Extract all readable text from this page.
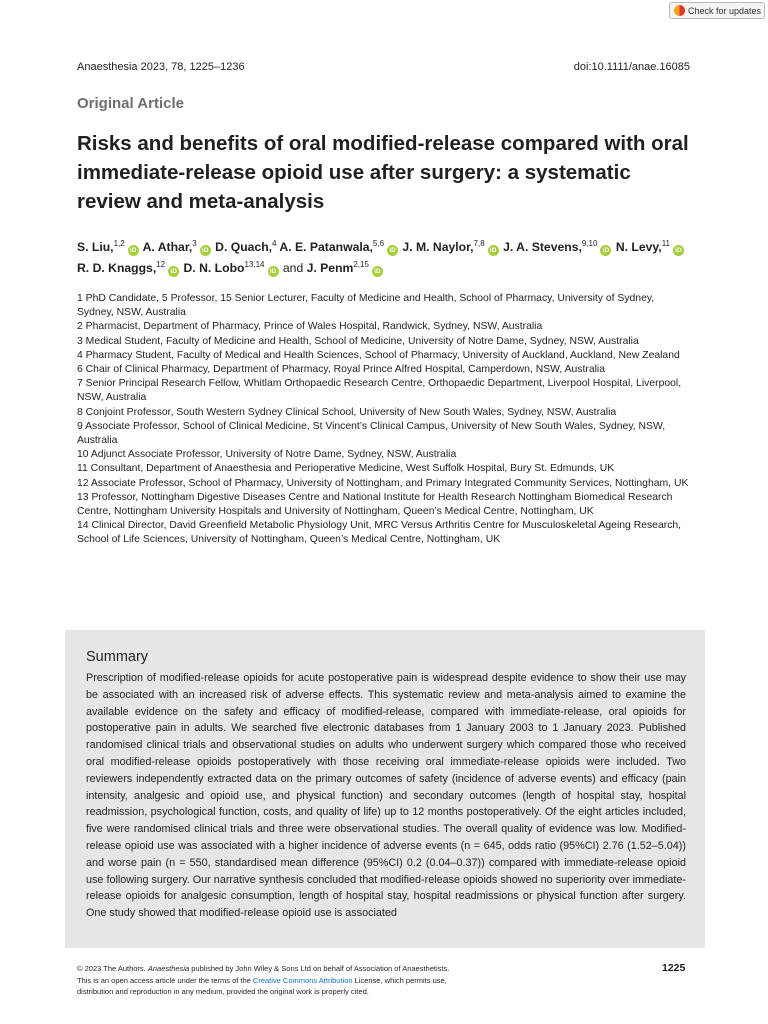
Check for updates
Anaesthesia 2023, 78, 1225–1236	doi:10.1111/anae.16085
Original Article
Risks and benefits of oral modified-release compared with oral immediate-release opioid use after surgery: a systematic review and meta-analysis
S. Liu,$^{1,2}$iD A. Athar,$^3$iD D. Quach,$^4$ A. E. Patanwala,$^{5,6}$iD J. M. Naylor,$^{7,8}$iD J. A. Stevens,$^{9,10}$iD N. Levy,$^{11}$iD R. D. Knaggs,$^{12}$iD D. N. Lobo$^{13,14}$iD and J. Penm$^{2,15}$iD
1 PhD Candidate, 5 Professor, 15 Senior Lecturer, Faculty of Medicine and Health, School of Pharmacy, University of Sydney, Sydney, NSW, Australia
2 Pharmacist, Department of Pharmacy, Prince of Wales Hospital, Randwick, Sydney, NSW, Australia
3 Medical Student, Faculty of Medicine and Health, School of Medicine, University of Notre Dame, Sydney, NSW, Australia
4 Pharmacy Student, Faculty of Medical and Health Sciences, School of Pharmacy, University of Auckland, Auckland, New Zealand
6 Chair of Clinical Pharmacy, Department of Pharmacy, Royal Prince Alfred Hospital, Camperdown, NSW, Australia
7 Senior Principal Research Fellow, Whitlam Orthopaedic Research Centre, Orthopaedic Department, Liverpool Hospital, Liverpool, NSW, Australia
8 Conjoint Professor, South Western Sydney Clinical School, University of New South Wales, Sydney, NSW, Australia
9 Associate Professor, School of Clinical Medicine, St Vincent’s Clinical Campus, University of New South Wales, Sydney, NSW, Australia
10 Adjunct Associate Professor, University of Notre Dame, Sydney, NSW, Australia
11 Consultant, Department of Anaesthesia and Perioperative Medicine, West Suffolk Hospital, Bury St. Edmunds, UK
12 Associate Professor, School of Pharmacy, University of Nottingham, and Primary Integrated Community Services, Nottingham, UK
13 Professor, Nottingham Digestive Diseases Centre and National Institute for Health Research Nottingham Biomedical Research Centre, Nottingham University Hospitals and University of Nottingham, Queen’s Medical Centre, Nottingham, UK
14 Clinical Director, David Greenfield Metabolic Physiology Unit, MRC Versus Arthritis Centre for Musculoskeletal Ageing Research, School of Life Sciences, University of Nottingham, Queen’s Medical Centre, Nottingham, UK
Summary

Prescription of modified-release opioids for acute postoperative pain is widespread despite evidence to show their use may be associated with an increased risk of adverse effects. This systematic review and meta-analysis aimed to examine the available evidence on the safety and efficacy of modified-release, compared with immediate-release, oral opioids for postoperative pain in adults. We searched five electronic databases from 1 January 2003 to 1 January 2023. Published randomised clinical trials and observational studies on adults who underwent surgery which compared those who received oral modified-release opioids postoperatively with those receiving oral immediate-release opioids were included. Two reviewers independently extracted data on the primary outcomes of safety (incidence of adverse events) and efficacy (pain intensity, analgesic and opioid use, and physical function) and secondary outcomes (length of hospital stay, hospital readmission, psychological function, costs, and quality of life) up to 12 months postoperatively. Of the eight articles included, five were randomised clinical trials and three were observational studies. The overall quality of evidence was low. Modified-release opioid use was associated with a higher incidence of adverse events (n = 645, odds ratio (95%CI) 2.76 (1.52–5.04)) and worse pain (n = 550, standardised mean difference (95%CI) 0.2 (0.04–0.37)) compared with immediate-release opioid use following surgery. Our narrative synthesis concluded that modified-release opioids showed no superiority over immediate-release opioids for analgesic consumption, length of hospital stay, hospital readmissions or physical function after surgery. One study showed that modified-release opioid use is associated

© 2023 The Authors. Anaesthesia published by John Wiley & Sons Ltd on behalf of Association of Anaesthetists.
This is an open access article under the terms of the Creative Commons Attribution License, which permits use,
distribution and reproduction in any medium, provided the original work is properly cited.
1225
